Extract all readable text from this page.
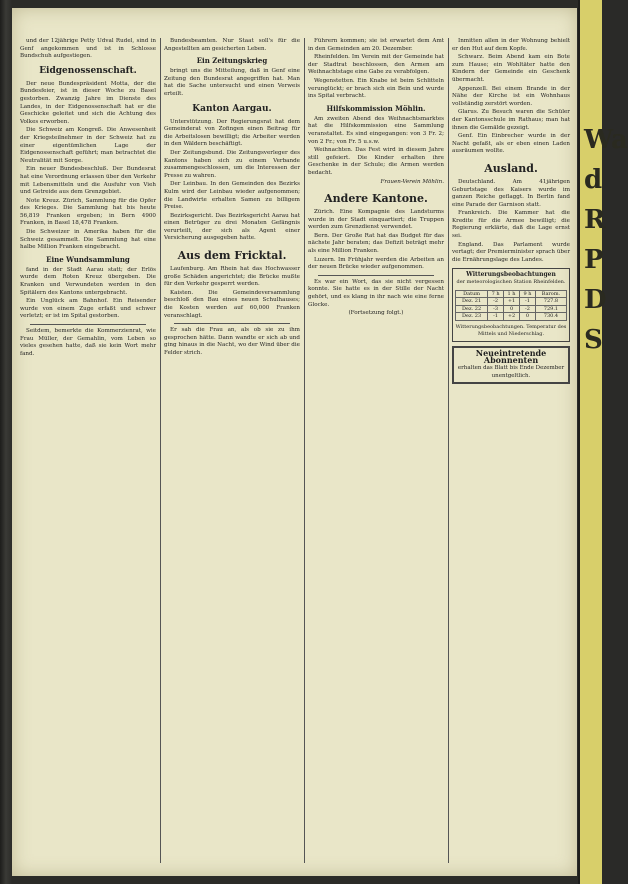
und der 12jährige Petty Udval Rudel, sind in Genf angekommen und ist in Schlosse Bundschuh aufgestiegen.

Eidgenossenschaft.

Der neue Bundespräsident Motta, der die Bundesfeier, ist in dieser Woche zu Basel gestorben. Zwanzig Jahre im Dienste des Landes, in der Eidgenossenschaft hat er die Geschicke geleitet und sich die Achtung des Volkes erworben.

Die Schweiz am Kongreß. Die Anwesenheit der Kriegsteilnehmer in der Schweiz hat zu einer eigentümlichen Lage der Eidgenossenschaft geführt; man betrachtet die Neutralität mit Sorge.

Ein neuer Bundesbeschluß. Der Bundesrat hat eine Verordnung erlassen über den Verkehr mit Lebensmitteln und die Ausfuhr von Vieh und Getreide aus dem Grenzgebiet.

Note Kreuz. Zürich, Sammlung für die Opfer des Krieges. Die Sammlung hat bis heute 56,819 Franken ergeben; in Bern 4900 Franken, in Basel 18,478 Franken.

Die Schweizer in Amerika haben für die Schweiz gesammelt. Die Sammlung hat eine halbe Million Franken eingebracht.

Eine Wundsammlung

fand in der Stadt Aarau statt; der Erlös wurde dem Roten Kreuz übergeben. Die Kranken und Verwundeten werden in den Spitälern des Kantons untergebracht.

Ein Unglück am Bahnhof. Ein Reisender wurde von einem Zuge erfaßt und schwer verletzt; er ist im Spital gestorben.

Seitdem, bemerkte die Kommerzienrat, wie Frau Müller, der Gemahlin, vom Leben so vieles gesehen hatte, daß sie kein Wort mehr fand.

Bundesbeamten. Nur Staat soll's für die Angestellten am gesicherten Leben.

Ein Zeitungskrieg

bringt uns die Mitteilung, daß in Genf eine Zeitung den Bundesrat angegriffen hat. Man hat die Sache untersucht und einen Verweis erteilt.

Kanton Aargau.

Unterstützung. Der Regierungsrat hat dem Gemeinderat von Zofingen einen Beitrag für die Arbeitslosen bewilligt; die Arbeiter werden in den Wäldern beschäftigt.

Der Zeitungsbund. Die Zeitungsverleger des Kantons haben sich zu einem Verbande zusammengeschlossen, um die Interessen der Presse zu wahren.

Der Leinbau. In den Gemeinden des Bezirks Kulm wird der Leinbau wieder aufgenommen; die Landwirte erhalten Samen zu billigem Preise.

Bezirksgericht. Das Bezirksgericht Aarau hat einen Betrüger zu drei Monaten Gefängnis verurteilt, der sich als Agent einer Versicherung ausgegeben hatte.

Aus dem Fricktal.

Laufenburg. Am Rhein hat das Hochwasser große Schäden angerichtet; die Brücke mußte für den Verkehr gesperrt werden.

Kaisten. Die Gemeindeversammlung beschloß den Bau eines neuen Schulhauses; die Kosten werden auf 60,000 Franken veranschlagt.

Er sah die Frau an, als ob sie zu ihm gesprochen hätte. Dann wandte er sich ab und ging hinaus in die Nacht, wo der Wind über die Felder strich.

Führern kommen; sie ist erwartet dem Amt in den Gemeinden am 20. Dezember.

Rheinfelden. Im Verein mit der Gemeinde hat der Stadtrat beschlossen, den Armen am Weihnachtstage eine Gabe zu verabfolgen.

Wegenstetten. Ein Knabe ist beim Schlitteln verunglückt; er brach sich ein Bein und wurde ins Spital verbracht.

Hilfskommission Möhlin.

Am zweiten Abend des Weihnachtsmarktes hat die Hilfskommission eine Sammlung veranstaltet. Es sind eingegangen: von 3 Fr. 2; von 2 Fr.; von Fr. 5 u.s.w.

Weihnachten. Das Fest wird in diesem Jahre still gefeiert. Die Kinder erhalten ihre Geschenke in der Schule; die Armen werden bedacht.

Frauen-Verein Möhlin.

Andere Kantone.

Zürich. Eine Kompagnie des Landsturms wurde in der Stadt einquartiert; die Truppen werden zum Grenzdienst verwendet.

Bern. Der Große Rat hat das Budget für das nächste Jahr beraten; das Defizit beträgt mehr als eine Million Franken.

Luzern. Im Frühjahr werden die Arbeiten an der neuen Brücke wieder aufgenommen.

Es war ein Wort, das sie nicht vergessen konnte. Sie hatte es in der Stille der Nacht gehört, und es klang in ihr nach wie eine ferne Glocke.

(Fortsetzung folgt.)

Inmitten allen in der Wohnung behielt er den Hut auf dem Kopfe.

Schwarz. Beim Abend kam ein Bote zum Hause; ein Wohltäter hatte den Kindern der Gemeinde ein Geschenk übermacht.

Appenzell. Bei einem Brande in der Nähe der Kirche ist ein Wohnhaus vollständig zerstört worden.

Glarus. Zu Besuch waren die Schüler der Kantonsschule im Rathaus; man hat ihnen die Gemälde gezeigt.

Genf. Ein Einbrecher wurde in der Nacht gefaßt, als er eben einen Laden ausräumen wollte.

Ausland.

Deutschland. Am 41jährigen Geburtstage des Kaisers wurde im ganzen Reiche geflaggt. In Berlin fand eine Parade der Garnison statt.

Frankreich. Die Kammer hat die Kredite für die Armee bewilligt; die Regierung erklärte, daß die Lage ernst sei.

England. Das Parlament wurde vertagt; der Premierminister sprach über die Ernährungslage des Landes.

Witterungsbeobachtungen
der meteorologischen Station Rheinfelden.
Datum	7 h	1 h	9 h	Barom.
Dez. 21	-2	+1	-1	727.8
Dez. 22	-3	0	-2	729.1
Dez. 23	-1	+2	0	730.4
Witterungsbeobachtungen. Temperatur des Mittels und Niederschlag.
Neueintretende Abonnenten
erhalten das Blatt bis Ende Dezember unentgeltlich.
Wa
d
R
P
D
S
